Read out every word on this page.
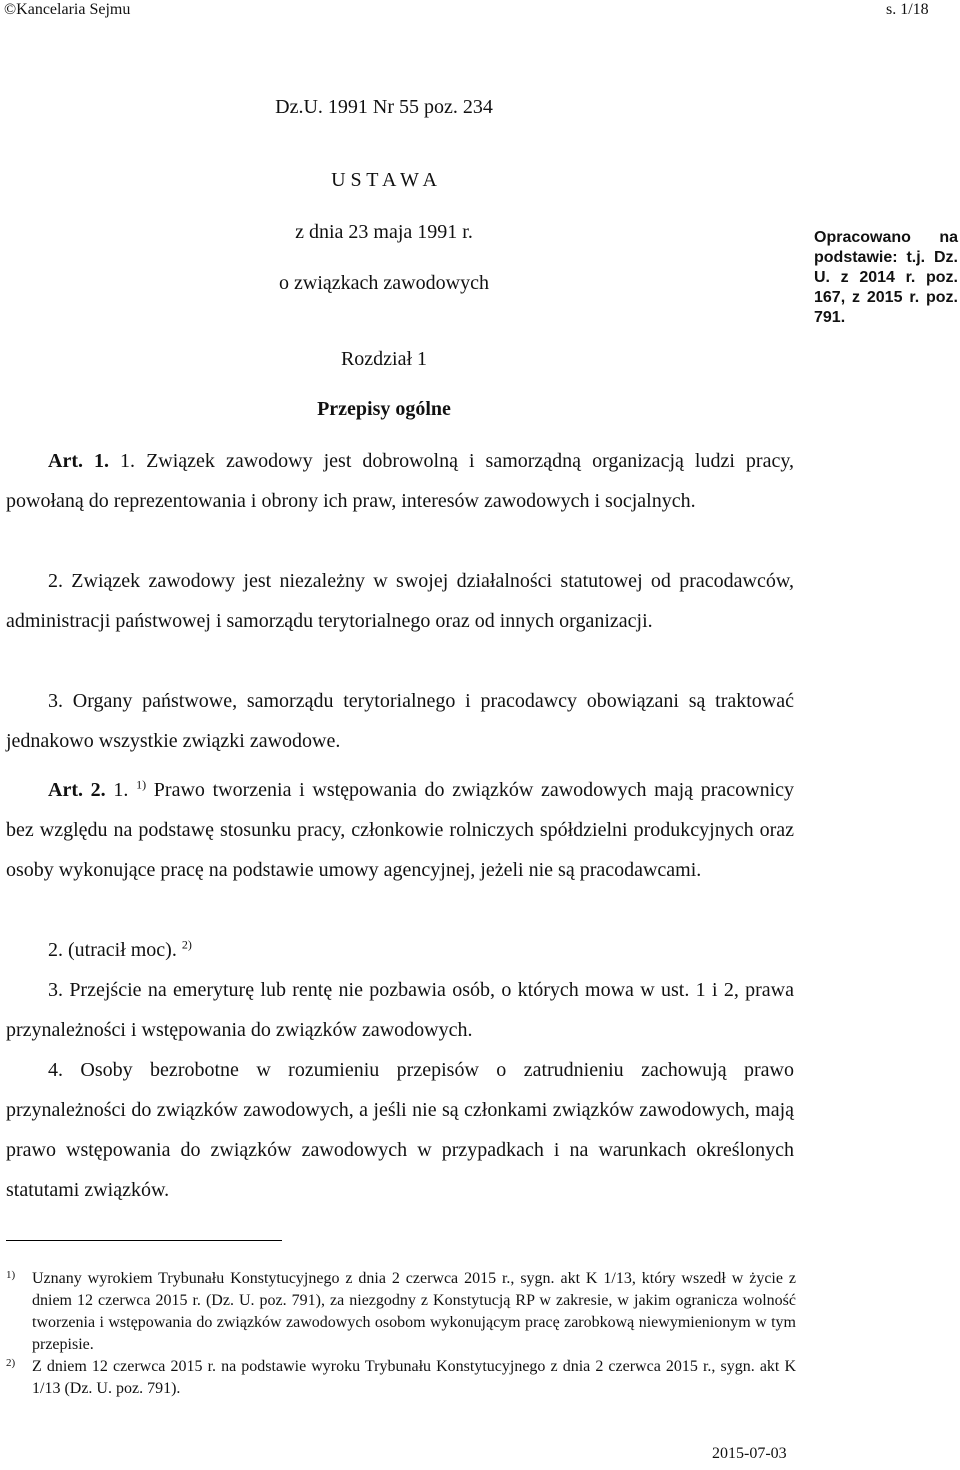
©Kancelaria Sejmu	s. 1/18
Dz.U. 1991 Nr 55 poz. 234
U S T A W A
z dnia 23 maja 1991 r.
o związkach zawodowych
Rozdział 1
Przepisy ogólne
Opracowano na podstawie: t.j. Dz. U. z 2014 r. poz. 167, z 2015 r. poz. 791.

Art. 1. 1. Związek zawodowy jest dobrowolną i samorządną organizacją ludzi pracy, powołaną do reprezentowania i obrony ich praw, interesów zawodowych i socjalnych.

2. Związek zawodowy jest niezależny w swojej działalności statutowej od pracodawców, administracji państwowej i samorządu terytorialnego oraz od innych organizacji.

3. Organy państwowe, samorządu terytorialnego i pracodawcy obowiązani są traktować jednakowo wszystkie związki zawodowe.

Art. 2. 1. $^{1)}$ Prawo tworzenia i wstępowania do związków zawodowych mają pracownicy bez względu na podstawę stosunku pracy, członkowie rolniczych spółdzielni produkcyjnych oraz osoby wykonujące pracę na podstawie umowy agencyjnej, jeżeli nie są pracodawcami.

2. (utracił moc). $^{2)}$

3. Przejście na emeryturę lub rentę nie pozbawia osób, o których mowa w ust. 1 i 2, prawa przynależności i wstępowania do związków zawodowych.

4. Osoby bezrobotne w rozumieniu przepisów o zatrudnieniu zachowują prawo przynależności do związków zawodowych, a jeśli nie są członkami związków zawodowych, mają prawo wstępowania do związków zawodowych w przypadkach i na warunkach określonych statutami związków.

1) Uznany wyrokiem Trybunału Konstytucyjnego z dnia 2 czerwca 2015 r., sygn. akt K 1/13, który wszedł w życie z dniem 12 czerwca 2015 r. (Dz. U. poz. 791), za niezgodny z Konstytucją RP w zakresie, w jakim ogranicza wolność tworzenia i wstępowania do związków zawodowych osobom wykonującym pracę zarobkową niewymienionym w tym przepisie.
2) Z dniem 12 czerwca 2015 r. na podstawie wyroku Trybunału Konstytucyjnego z dnia 2 czerwca 2015 r., sygn. akt K 1/13 (Dz. U. poz. 791).
2015-07-03
